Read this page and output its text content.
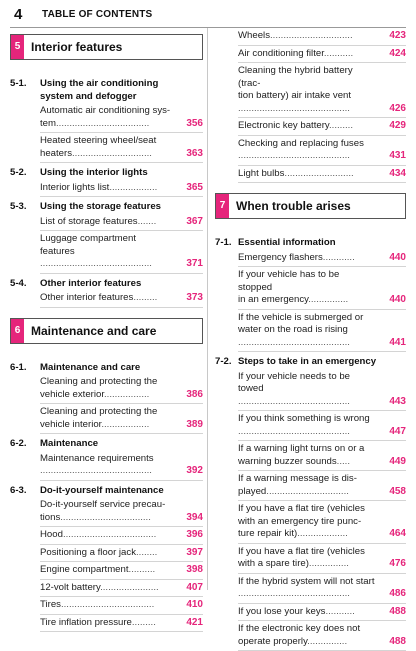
4 TABLE OF CONTENTS
5 Interior features
5-1. Using the air conditioning
system and defogger
Automatic air conditioning sys-
tem...................................	356
Heated steering wheel/seat
heaters..............................	363
5-2. Using the interior lights
Interior lights list..................	365
5-3. Using the storage features
List of storage features.......	367
Luggage compartment features
..........................................	371
5-4. Other interior features
Other interior features.........	373
6 Maintenance and care
6-1. Maintenance and care
Cleaning and protecting the
vehicle exterior.................	386
Cleaning and protecting the
vehicle interior..................	389
6-2. Maintenance
Maintenance requirements
..........................................	392
6-3. Do-it-yourself maintenance
Do-it-yourself service precau-
tions..................................	394
Hood...................................	396
Positioning a floor jack........	397
Engine compartment..........	398
12-volt battery......................	407
Tires...................................	410
Tire inflation pressure.........	421
Wheels...............................	423
Air conditioning filter...........	424
Cleaning the hybrid battery (trac-
tion battery) air intake vent
..........................................	426
Electronic key battery.........	429
Checking and replacing fuses
..........................................	431
Light bulbs..........................	434
7 When trouble arises
7-1. Essential information
Emergency flashers............	440
If your vehicle has to be stopped
in an emergency...............	440
If the vehicle is submerged or
water on the road is rising
..........................................	441
7-2. Steps to take in an emergency
If your vehicle needs to be towed
..........................................	443
If you think something is wrong
..........................................	447
If a warning light turns on or a
warning buzzer sounds.....	449
If a warning message is dis-
played...............................	458
If you have a flat tire (vehicles
with an emergency tire punc-
ture repair kit)...................	464
If you have a flat tire (vehicles
with a spare tire)...............	476
If the hybrid system will not start
..........................................	486
If you lose your keys...........	488
If the electronic key does not
operate properly...............	488
